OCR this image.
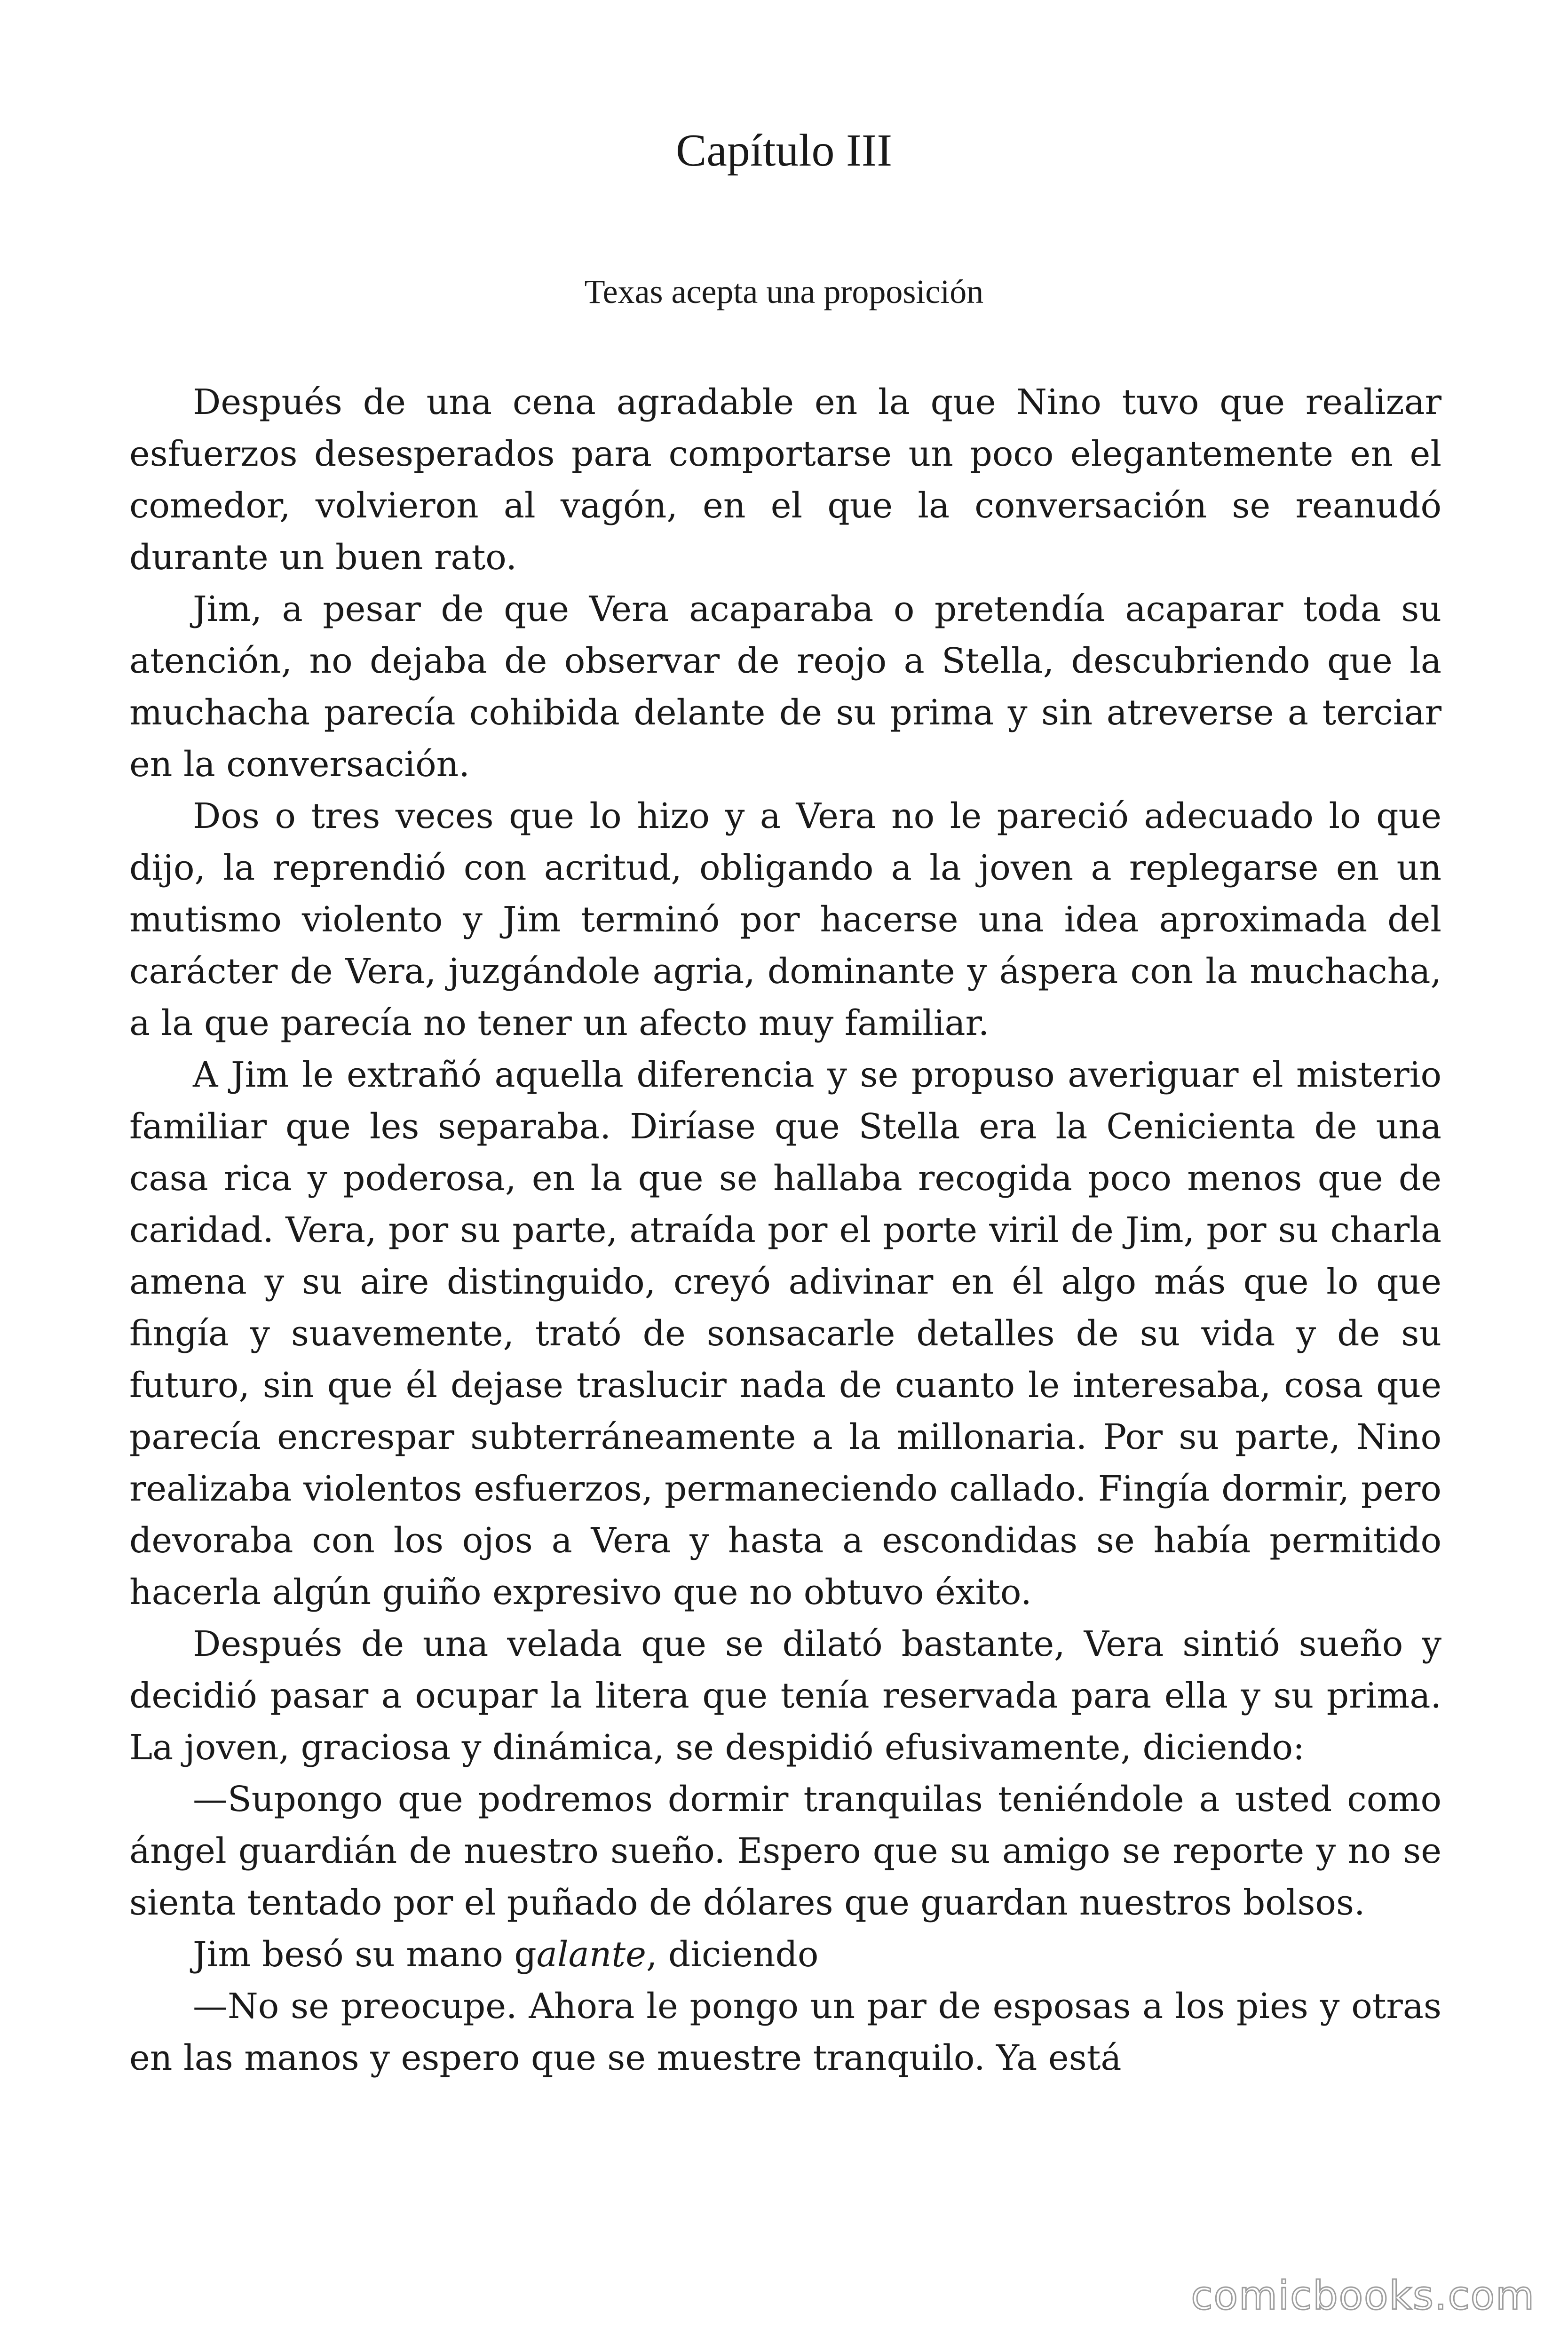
Capítulo III
Texas acepta una proposición

Después de una cena agradable en la que Nino tuvo que realizar esfuerzos desesperados para comportarse un poco elegantemente en el comedor, volvieron al vagón, en el que la conversación se reanudó durante un buen rato.

Jim, a pesar de que Vera acaparaba o pretendía acaparar toda su atención, no dejaba de observar de reojo a Stella, descubriendo que la muchacha parecía cohibida delante de su prima y sin atreverse a terciar en la conversación.

Dos o tres veces que lo hizo y a Vera no le pareció adecuado lo que dijo, la reprendió con acritud, obligando a la joven a replegarse en un mutismo violento y Jim terminó por hacerse una idea aproximada del carácter de Vera, juzgándole agria, dominante y áspera con la muchacha, a la que parecía no tener un afecto muy familiar.

A Jim le extrañó aquella diferencia y se propuso averiguar el misterio familiar que les separaba. Diríase que Stella era la Cenicienta de una casa rica y poderosa, en la que se hallaba recogida poco menos que de caridad. Vera, por su parte, atraída por el porte viril de Jim, por su charla amena y su aire distinguido, creyó adivinar en él algo más que lo que fingía y suavemente, trató de sonsacarle detalles de su vida y de su futuro, sin que él dejase traslucir nada de cuanto le interesaba, cosa que parecía encrespar subterráneamente a la millonaria. Por su parte, Nino realizaba violentos esfuerzos, permaneciendo callado. Fingía dormir, pero devoraba con los ojos a Vera y hasta a escondidas se había permitido hacerla algún guiño expresivo que no obtuvo éxito.

Después de una velada que se dilató bastante, Vera sintió sueño y decidió pasar a ocupar la litera que tenía reservada para ella y su prima. La joven, graciosa y dinámica, se despidió efusivamente, diciendo:

—Supongo que podremos dormir tranquilas teniéndole a usted como ángel guardián de nuestro sueño. Espero que su amigo se reporte y no se sienta tentado por el puñado de dólares que guardan nuestros bolsos.

Jim besó su mano galante, diciendo

—No se preocupe. Ahora le pongo un par de esposas a los pies y otras en las manos y espero que se muestre tranquilo. Ya está

comicbooks.com
